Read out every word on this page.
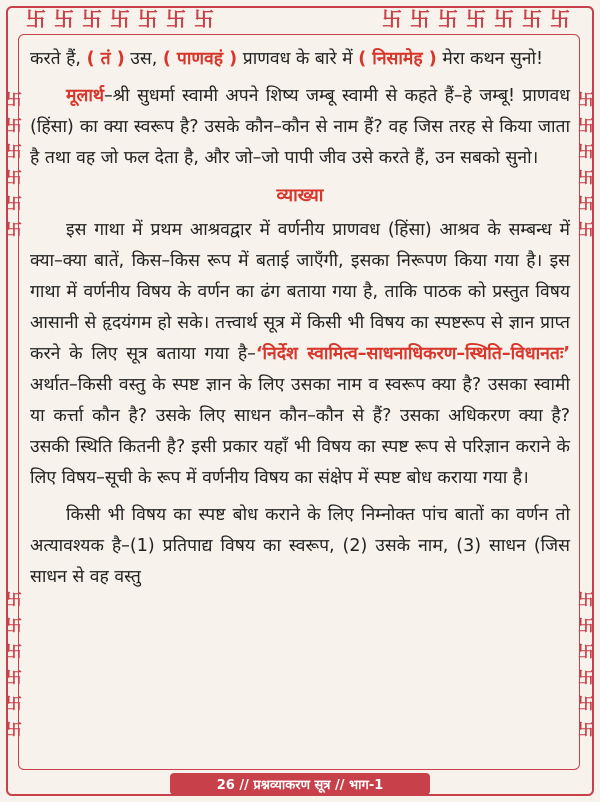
卐 卐 卐 卐 卐 卐 卐	卐 卐 卐 卐 卐 卐 卐
卐
卐
卐
卐
卐
卐
卐
卐
卐
卐
卐
卐
卐
卐
卐
卐
卐
卐
卐
卐
卐
卐
卐
卐

करते हैं, ( तं ) उस, ( पाणवहं ) प्राणवध के बारे में ( निसामेह ) मेरा कथन सुनो!

मूलार्थ–श्री सुधर्मा स्वामी अपने शिष्य जम्बू स्वामी से कहते हैं–हे जम्बू! प्राणवध (हिंसा) का क्या स्वरूप है? उसके कौन–कौन से नाम हैं? वह जिस तरह से किया जाता है तथा वह जो फल देता है, और जो–जो पापी जीव उसे करते हैं, उन सबको सुनो।

व्याख्या

इस गाथा में प्रथम आश्रवद्वार में वर्णनीय प्राणवध (हिंसा) आश्रव के सम्बन्ध में क्या–क्या बातें, किस–किस रूप में बताई जाएँगी, इसका निरूपण किया गया है। इस गाथा में वर्णनीय विषय के वर्णन का ढंग बताया गया है, ताकि पाठक को प्रस्तुत विषय आसानी से हृदयंगम हो सके। तत्त्वार्थ सूत्र में किसी भी विषय का स्पष्टरूप से ज्ञान प्राप्त करने के लिए सूत्र बताया गया है–‘निर्देश स्वामित्व–साधनाधिकरण–स्थिति–विधानतः’ अर्थात–किसी वस्तु के स्पष्ट ज्ञान के लिए उसका नाम व स्वरूप क्या है? उसका स्वामी या कर्त्ता कौन है? उसके लिए साधन कौन–कौन से हैं? उसका अधिकरण क्या है? उसकी स्थिति कितनी है? इसी प्रकार यहाँ भी विषय का स्पष्ट रूप से परिज्ञान कराने के लिए विषय–सूची के रूप में वर्णनीय विषय का संक्षेप में स्पष्ट बोध कराया गया है।

किसी भी विषय का स्पष्ट बोध कराने के लिए निम्नोक्त पांच बातों का वर्णन तो अत्यावश्यक है–(1) प्रतिपाद्य विषय का स्वरूप, (2) उसके नाम, (3) साधन (जिस साधन से वह वस्तु

26 // प्रश्नव्याकरण सूत्र // भाग-1
